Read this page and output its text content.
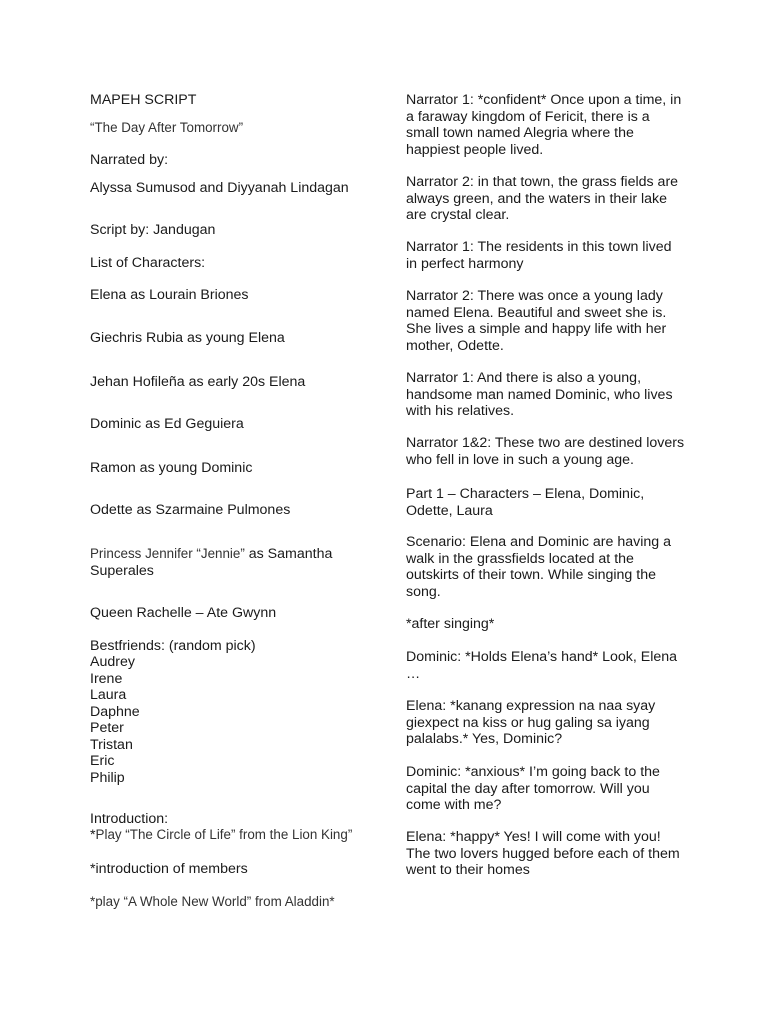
MAPEH SCRIPT
“The Day After Tomorrow”
Narrated by:
Alyssa Sumusod and Diyyanah Lindagan
Script by: Jandugan
List of Characters:
Elena as Lourain Briones
Giechris Rubia as young Elena
Jehan Hofileña as early 20s Elena
Dominic as Ed Geguiera
Ramon as young Dominic
Odette as Szarmaine Pulmones
Princess Jennifer “Jennie” as Samantha
Superales
Queen Rachelle – Ate Gwynn
Bestfriends: (random pick)
Audrey
Irene
Laura
Daphne
Peter
Tristan
Eric
Philip
Introduction:
*Play “The Circle of Life” from the Lion King”
*introduction of members
*play “A Whole New World” from Aladdin*
Narrator 1: *confident* Once upon a time, in
a faraway kingdom of Fericit, there is a
small town named Alegria where the
happiest people lived.
Narrator 2: in that town, the grass fields are
always green, and the waters in their lake
are crystal clear.
Narrator 1: The residents in this town lived
in perfect harmony
Narrator 2: There was once a young lady
named Elena. Beautiful and sweet she is.
She lives a simple and happy life with her
mother, Odette.
Narrator 1: And there is also a young,
handsome man named Dominic, who lives
with his relatives.
Narrator 1&2: These two are destined lovers
who fell in love in such a young age.
Part 1 – Characters – Elena, Dominic,
Odette, Laura
Scenario: Elena and Dominic are having a
walk in the grassfields located at the
outskirts of their town. While singing the
song.
*after singing*
Dominic: *Holds Elena’s hand* Look, Elena
…
Elena: *kanang expression na naa syay
giexpect na kiss or hug galing sa iyang
palalabs.* Yes, Dominic?
Dominic: *anxious* I’m going back to the
capital the day after tomorrow. Will you
come with me?
Elena: *happy* Yes! I will come with you!
The two lovers hugged before each of them
went to their homes
